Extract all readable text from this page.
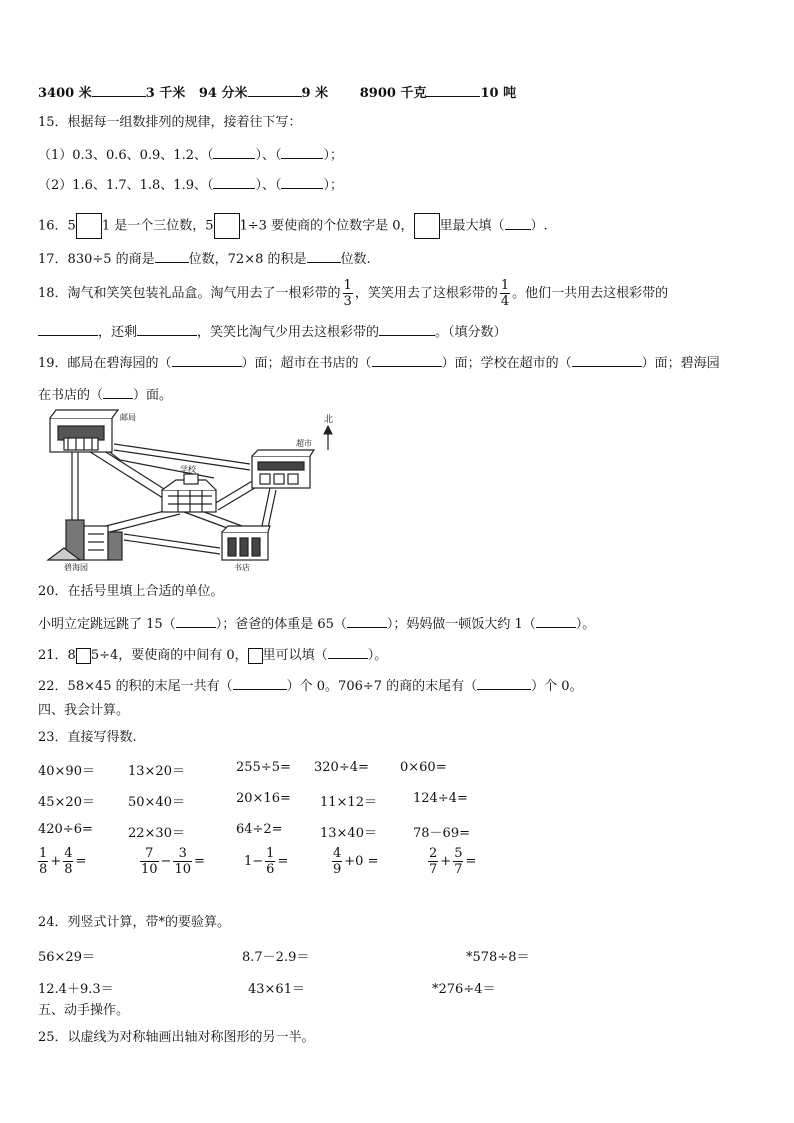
3400 米	3 千米 94 分米	9 米 8900 千克	10 吨
15．根据每一组数排列的规律，接着往下写：
（1）0.3、0.6、0.9、1.2、（	）、（	）；
（2）1.6、1.7、1.8、1.9、（	）、（	）；
16．5 1 是一个三位数，5 1÷3 要使商的个位数字是 0， 里最大填（ ）.
17．830÷5 的商是	位数，72×8 的积是	位数.
18．淘气和笑笑包装礼品盒。淘气用去了一根彩带的 $\frac{1}{3}$ ，笑笑用去了这根彩带的 $\frac{1}{4}$ 。他们一共用去这根彩带的
，还剩	，笑笑比淘气少用去这根彩带的	。（填分数）
19．邮局在碧海园的（	）面；超市在书店的（	）面；学校在超市的（	）面；碧海园
在书店的（ ）面。
北
邮局
超市
学校
碧海园	书店
20．在括号里填上合适的单位。
小明立定跳远跳了 15（	）；爸爸的体重是 65（	）；妈妈做一顿饭大约 1（	）。
21．8 5÷4，要使商的中间有 0， 里可以填（	）。
22．58×45 的积的末尾一共有（	）个 0。706÷7 的商的末尾有（	）个 0。
四、我会计算。
23．直接写得数.
40×90＝	13×20＝	255÷5= 320÷4= 0×60=
45×20＝	50×40＝	20×16= 11×12＝	124÷4=
420÷6=	22×30＝	64÷2=	13×40＝	78－69=
$\frac{1}{8} + \frac{4}{8}$ =	$\frac{7}{10} - \frac{3}{10}$ =	$1- \frac{1}{6}$ =	$\frac{4}{9} +0$ =	$\frac{2}{7} + \frac{5}{7}$ =
24．列竖式计算，带*的要验算。
56×29＝	8.7－2.9＝	*578÷8＝
12.4＋9.3＝	43×61＝	*276÷4＝
五、动手操作。
25．以虚线为对称轴画出轴对称图形的另一半。
